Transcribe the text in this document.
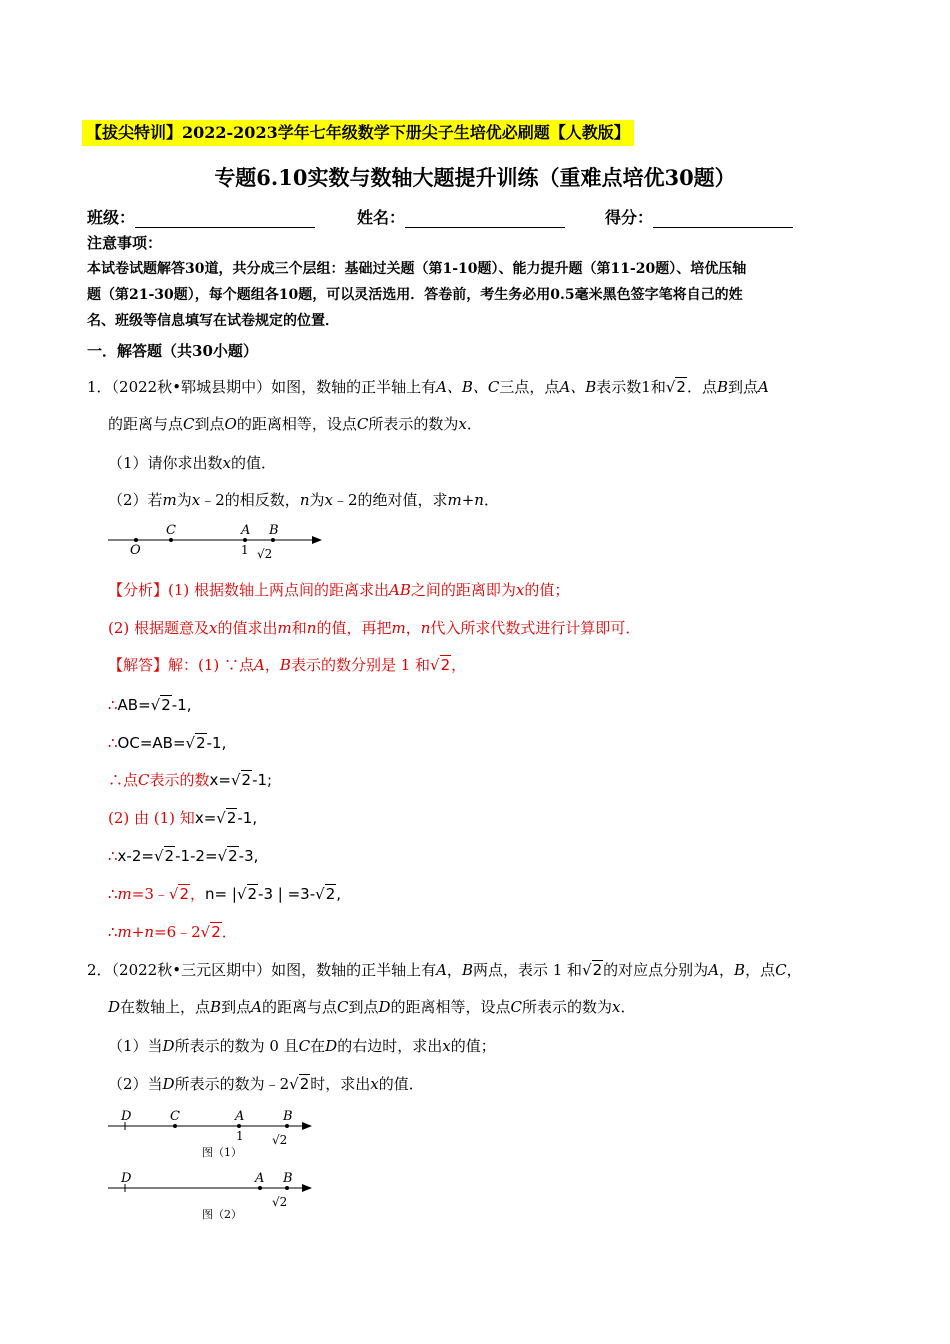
【拔尖特训】2022-2023学年七年级数学下册尖子生培优必刷题【人教版】
专题6.10实数与数轴大题提升训练（重难点培优30题）
班级：	姓名：	得分：
注意事项：
本试卷试题解答30道，共分成三个层组：基础过关题（第1-10题）、能力提升题（第11-20题）、培优压轴
题（第21-30题），每个题组各10题，可以灵活选用．答卷前，考生务必用0.5毫米黑色签字笔将自己的姓
名、班级等信息填写在试卷规定的位置．
一．解答题（共30小题）
1．（2022秋•郓城县期中）如图，数轴的正半轴上有A、B、C三点，点A、B表示数1和√2．点B到点A
的距离与点C到点O的距离相等，设点C所表示的数为x．
（1）请你求出数x的值．
（2）若m为x﹣2的相反数，n为x﹣2的绝对值，求m+n．
O
C	A B
1 √2
【分析】(1) 根据数轴上两点间的距离求出AB之间的距离即为x的值；
(2) 根据题意及x的值求出m和n的值，再把m，n代入所求代数式进行计算即可．
【解答】解：(1) ∵点A，B表示的数分别是 1 和√2，
∴AB=√2-1,
∴OC=AB=√2-1,
∴点C表示的数x=√2-1;
(2) 由 (1) 知x=√2-1,
∴x-2=√2-1-2=√2-3,
∴m=3﹣√2，n= |√2-3 | =3-√2,
∴m+n=6﹣2√2．
2．（2022秋•三元区期中）如图，数轴的正半轴上有A，B两点，表示 1 和√2的对应点分别为A，B，点C，
D在数轴上，点B到点A的距离与点C到点D的距离相等，设点C所表示的数为x．
（1）当D所表示的数为 0 且C在D的右边时，求出x的值；
（2）当D所表示的数为﹣2√2时，求出x的值．
D	C	A	B
1 √2
图（1）
D	A B
√2
图（2）
